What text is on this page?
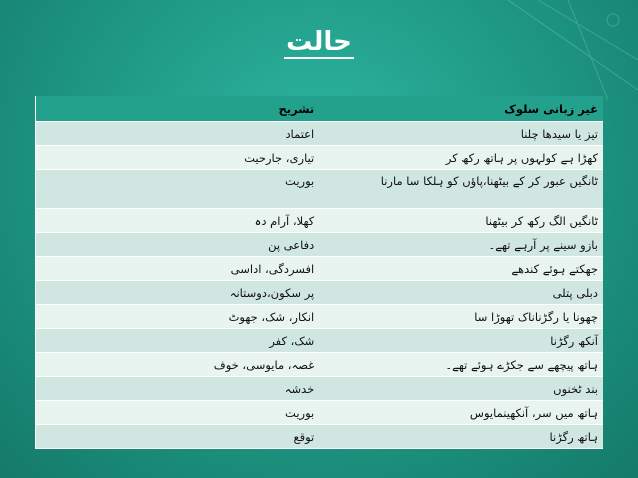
حالت
تشریح	غیر زبانی سلوک
اعتماد	تیز یا سیدھا چلنا
تیاری، جارحیت	کھڑا ہے کولہوں پر ہاتھ رکھ کر
بوریت	ٹانگیں عبور کر کے بیٹھنا،پاؤں کو ہلکا سا مارنا
کھلا، آرام دہ	ٹانگیں الگ رکھ کر بیٹھنا
دفاعی پن	بازو سینے پر آرہے تھے۔
افسردگی، اداسی	جھکتے ہوئے کندھے
پر سکون،دوستانہ	دبلی پتلی
انکار، شک، جھوٹ	چھونا یا رگڑناناک تھوڑا سا
شک، کفر	آنکھ رگڑنا
غصہ، مایوسی، خوف	ہاتھ پیچھے سے جکڑے ہوئے تھے۔
خدشہ	بند ٹخنوں
بوریت	ہاتھ میں سر، آنکھینمایوس
توقع	ہاتھ رگڑنا
